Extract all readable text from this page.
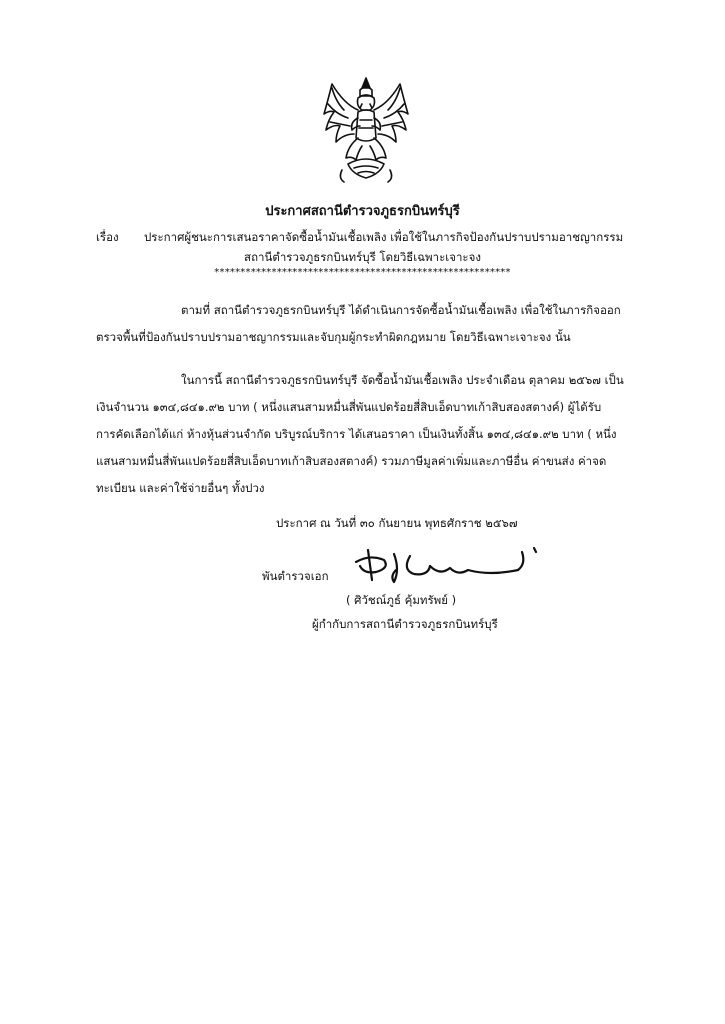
ประกาศสถานีตำรวจภูธรกบินทร์บุรี
เรื่อง ประกาศผู้ชนะการเสนอราคาจัดซื้อน้ำมันเชื้อเพลิง เพื่อใช้ในภารกิจป้องกันปราบปรามอาชญากรรม
สถานีตำรวจภูธรกบินทร์บุรี โดยวิธีเฉพาะเจาะจง
*********************************************************
ตามที่ สถานีตำรวจภูธรกบินทร์บุรี ได้ดำเนินการจัดซื้อน้ำมันเชื้อเพลิง เพื่อใช้ในภารกิจออก
ตรวจพื้นที่ป้องกันปราบปรามอาชญากรรมและจับกุมผู้กระทำผิดกฎหมาย โดยวิธีเฉพาะเจาะจง นั้น
ในการนี้ สถานีตำรวจภูธรกบินทร์บุรี จัดซื้อน้ำมันเชื้อเพลิง ประจำเดือน ตุลาคม ๒๕๖๗ เป็น
เงินจำนวน ๑๓๔,๘๔๑.๙๒ บาท ( หนึ่งแสนสามหมื่นสี่พันแปดร้อยสี่สิบเอ็ดบาทเก้าสิบสองสตางค์) ผู้ได้รับ
การคัดเลือกได้แก่ ห้างหุ้นส่วนจำกัด บริบูรณ์บริการ ได้เสนอราคา เป็นเงินทั้งสิ้น ๑๓๔,๘๔๑.๙๒ บาท ( หนึ่ง
แสนสามหมื่นสี่พันแปดร้อยสี่สิบเอ็ดบาทเก้าสิบสองสตางค์) รวมภาษีมูลค่าเพิ่มและภาษีอื่น ค่าขนส่ง ค่าจด
ทะเบียน และค่าใช้จ่ายอื่นๆ ทั้งปวง
ประกาศ ณ วันที่ ๓๐ กันยายน พุทธศักราช ๒๕๖๗
พันตำรวจเอก
( ศิวัชณ์ภูธ์ คุ้มทรัพย์ )
ผู้กำกับการสถานีตำรวจภูธรกบินทร์บุรี
